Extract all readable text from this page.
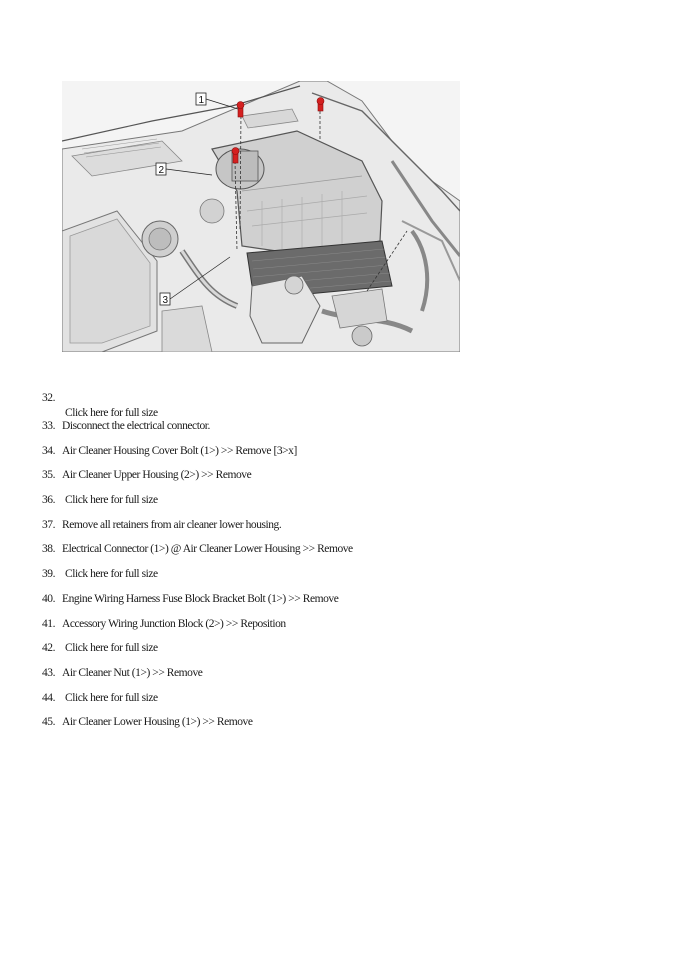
1
2
3
32.
Click here for full size
33. Disconnect the electrical connector.
34. Air Cleaner Housing Cover Bolt (1>) >> Remove [3>x]
35. Air Cleaner Upper Housing (2>) >> Remove
36. Click here for full size
37. Remove all retainers from air cleaner lower housing.
38. Electrical Connector (1>) @ Air Cleaner Lower Housing >> Remove
39. Click here for full size
40. Engine Wiring Harness Fuse Block Bracket Bolt (1>) >> Remove
41. Accessory Wiring Junction Block (2>) >> Reposition
42. Click here for full size
43. Air Cleaner Nut (1>) >> Remove
44. Click here for full size
45. Air Cleaner Lower Housing (1>) >> Remove
